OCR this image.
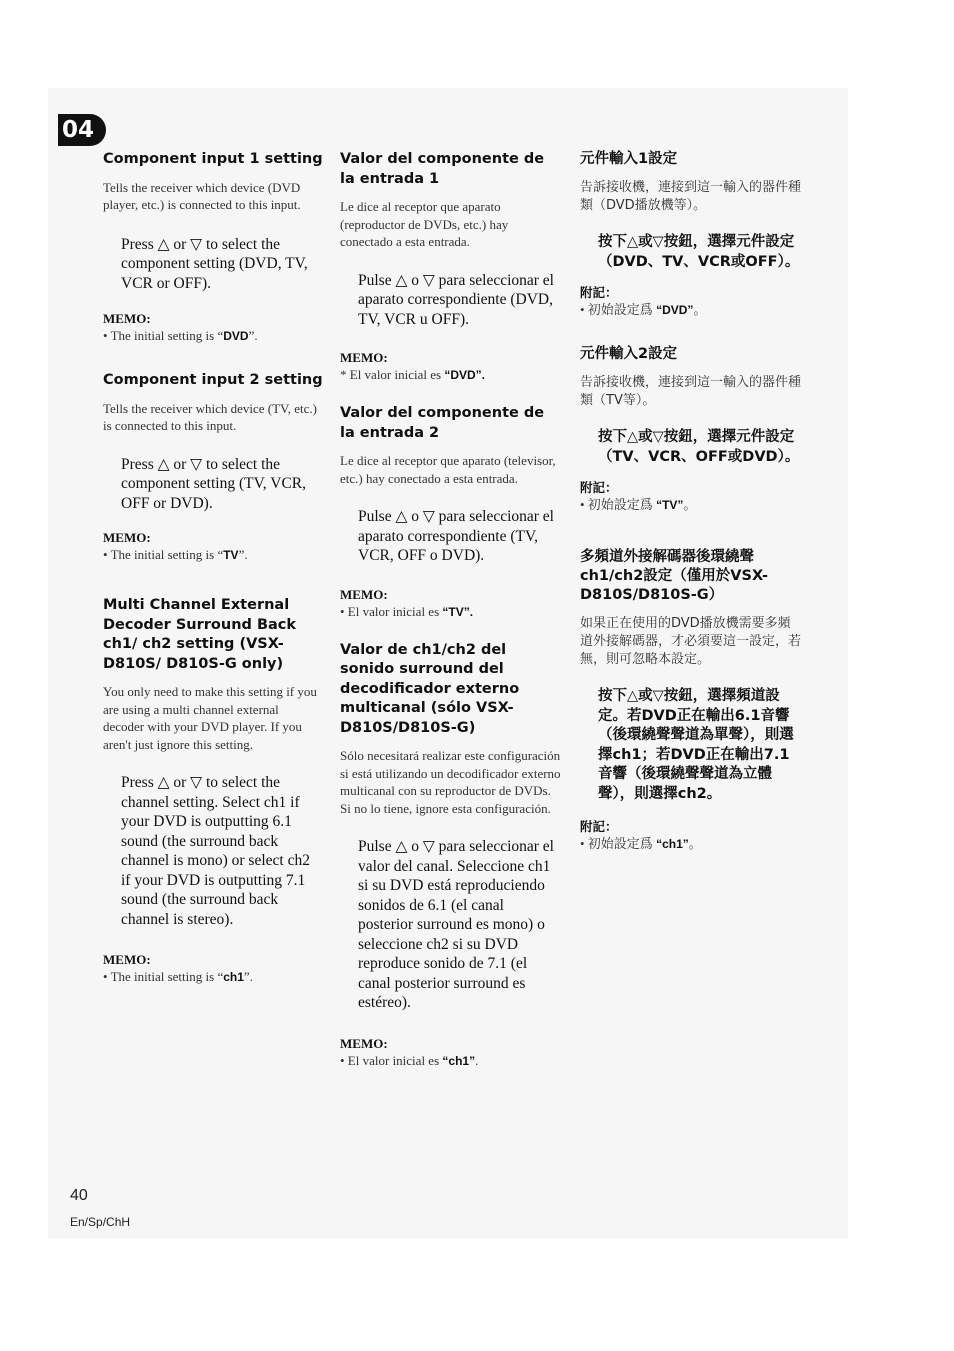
04

Component input 1 setting

Tells the receiver which device (DVD player, etc.) is connected to this input.

Press △ or ▽ to select the component setting (DVD, TV, VCR or OFF).

MEMO:

• The initial setting is “DVD”.

Component input 2 setting

Tells the receiver which device (TV, etc.) is connected to this input.

Press △ or ▽ to select the component setting (TV, VCR, OFF or DVD).

MEMO:

• The initial setting is “TV”.

Multi Channel External Decoder Surround Back ch1/ ch2 setting (VSX-D810S/ D810S-G only)

You only need to make this setting if you are using a multi channel external decoder with your DVD player. If you aren't just ignore this setting.

Press △ or ▽ to select the channel setting. Select ch1 if your DVD is outputting 6.1 sound (the surround back channel is mono) or select ch2 if your DVD is outputting 7.1 sound (the surround back channel is stereo).

MEMO:

• The initial setting is “ch1”.

Valor del componente de la entrada 1

Le dice al receptor que aparato (reproductor de DVDs, etc.) hay conectado a esta entrada.

Pulse △ o ▽ para seleccionar el aparato correspondiente (DVD, TV, VCR u OFF).

MEMO:

* El valor inicial es “DVD”.

Valor del componente de la entrada 2

Le dice al receptor que aparato (televisor, etc.) hay conectado a esta entrada.

Pulse △ o ▽ para seleccionar el aparato correspondiente (TV, VCR, OFF o DVD).

MEMO:

• El valor inicial es “TV”.

Valor de ch1/ch2 del sonido surround del decodificador externo multicanal (sólo VSX-D810S/D810S-G)

Sólo necesitará realizar este configuración si está utilizando un decodificador externo multicanal con su reproductor de DVDs. Si no lo tiene, ignore esta configuración.

Pulse △ o ▽ para seleccionar el valor del canal. Seleccione ch1 si su DVD está reproduciendo sonidos de 6.1 (el canal posterior surround es mono) o seleccione ch2 si su DVD reproduce sonido de 7.1 (el canal posterior surround es estéreo).

MEMO:

• El valor inicial es “ch1”.

元件輸入1設定

告訴接收機，連接到這一輸入的器件種類（DVD播放機等）。

按下△或▽按鈕，選擇元件設定（DVD、TV、VCR或OFF）。

附記：

• 初始設定爲 “DVD”。

元件輸入2設定

告訴接收機，連接到這一輸入的器件種類（TV等）。

按下△或▽按鈕，選擇元件設定（TV、VCR、OFF或DVD）。

附記：

• 初始設定爲 “TV”。

多頻道外接解碼器後環繞聲ch1/ch2設定（僅用於VSX-D810S/D810S-G）

如果正在使用的DVD播放機需要多頻道外接解碼器，才必須要這一設定，若無，則可忽略本設定。

按下△或▽按鈕，選擇頻道設定。若DVD正在輸出6.1音響（後環繞聲聲道為單聲），則選擇ch1；若DVD正在輸出7.1音響（後環繞聲聲道為立體聲），則選擇ch2。

附記：

• 初始設定爲 “ch1”。

40
En/Sp/ChH
